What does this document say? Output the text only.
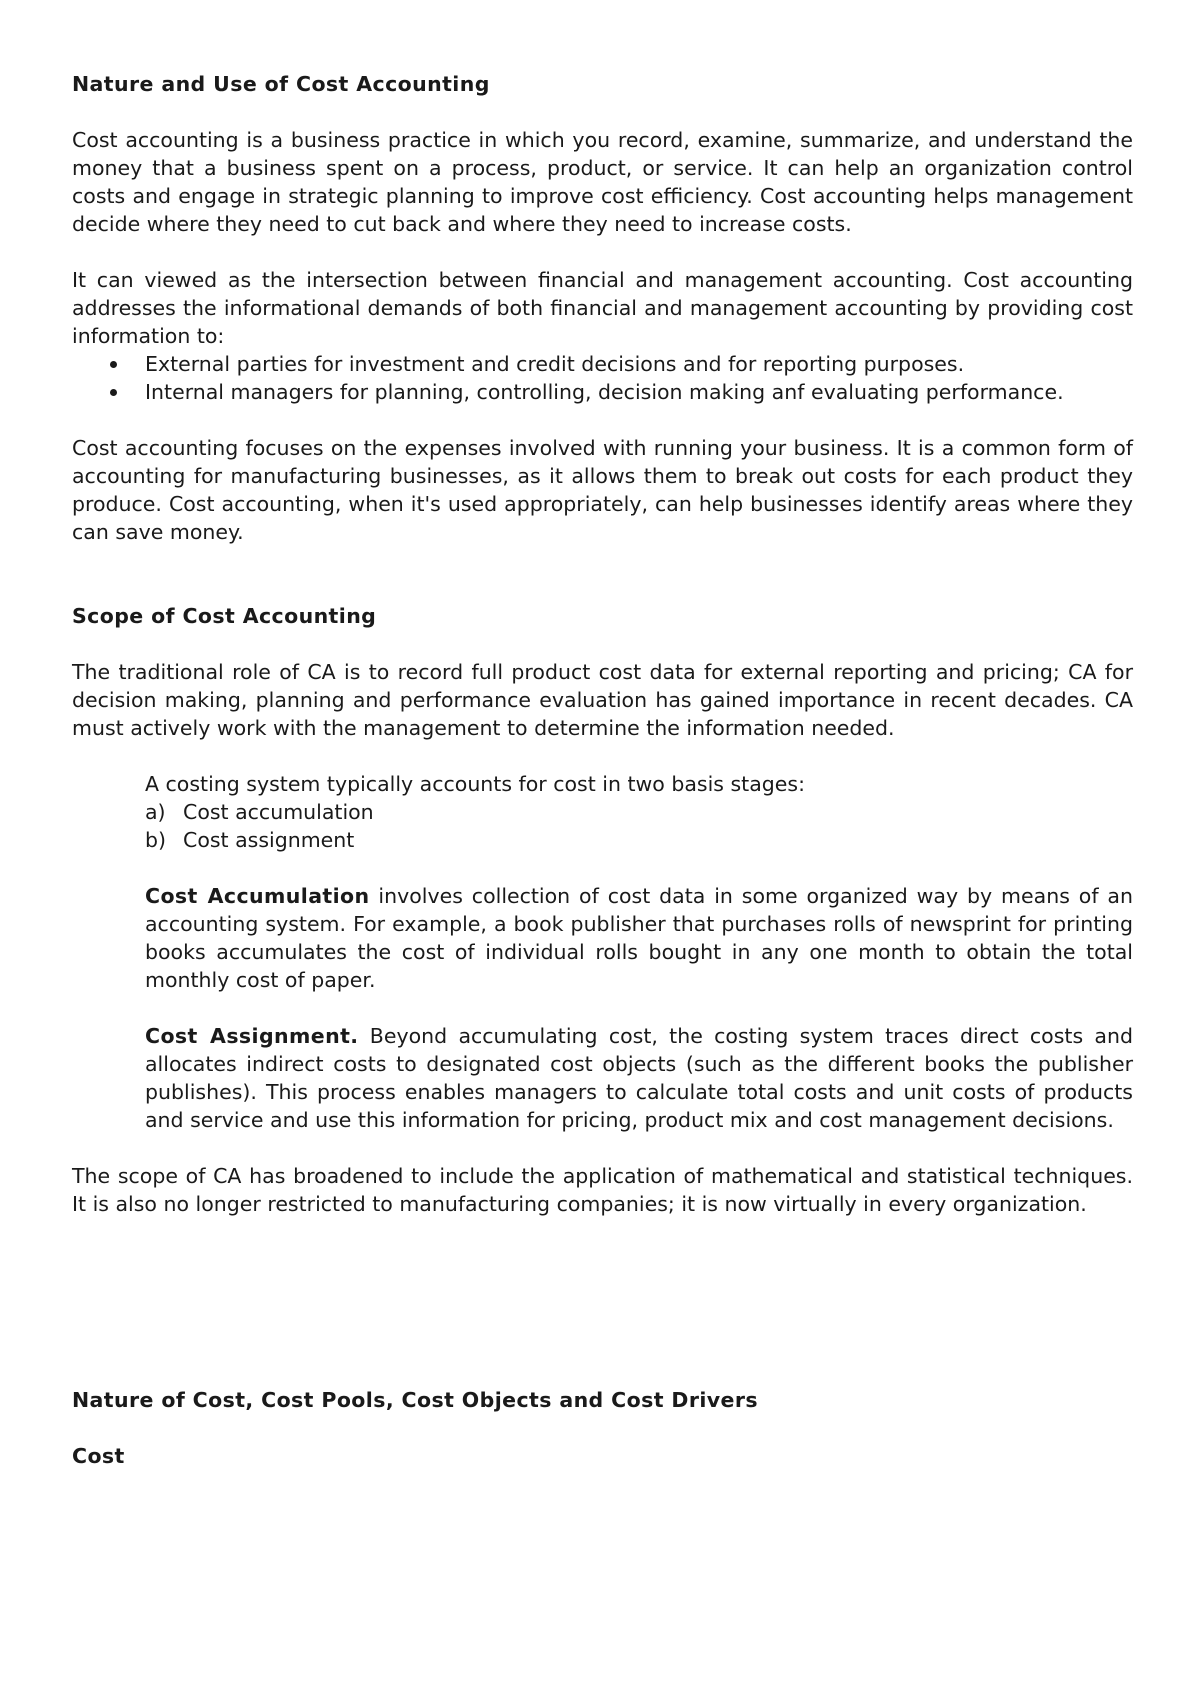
Nature and Use of Cost Accounting

Cost accounting is a business practice in which you record, examine, summarize, and understand the money that a business spent on a process, product, or service. It can help an organization control costs and engage in strategic planning to improve cost efficiency. Cost accounting helps management decide where they need to cut back and where they need to increase costs.

It can viewed as the intersection between financial and management accounting. Cost accounting addresses the informational demands of both financial and management accounting by providing cost information to:

External parties for investment and credit decisions and for reporting purposes.
Internal managers for planning, controlling, decision making anf evaluating performance.

Cost accounting focuses on the expenses involved with running your business. It is a common form of accounting for manufacturing businesses, as it allows them to break out costs for each product they produce. Cost accounting, when it's used appropriately, can help businesses identify areas where they can save money.

Scope of Cost Accounting

The traditional role of CA is to record full product cost data for external reporting and pricing; CA for decision making, planning and performance evaluation has gained importance in recent decades. CA must actively work with the management to determine the information needed.

A costing system typically accounts for cost in two basis stages:

a) Cost accumulation
b) Cost assignment

Cost Accumulation involves collection of cost data in some organized way by means of an accounting system. For example, a book publisher that purchases rolls of newsprint for printing books accumulates the cost of individual rolls bought in any one month to obtain the total monthly cost of paper.

Cost Assignment. Beyond accumulating cost, the costing system traces direct costs and allocates indirect costs to designated cost objects (such as the different books the publisher publishes). This process enables managers to calculate total costs and unit costs of products and service and use this information for pricing, product mix and cost management decisions.

The scope of CA has broadened to include the application of mathematical and statistical techniques. It is also no longer restricted to manufacturing companies; it is now virtually in every organization.

Nature of Cost, Cost Pools, Cost Objects and Cost Drivers
Cost
